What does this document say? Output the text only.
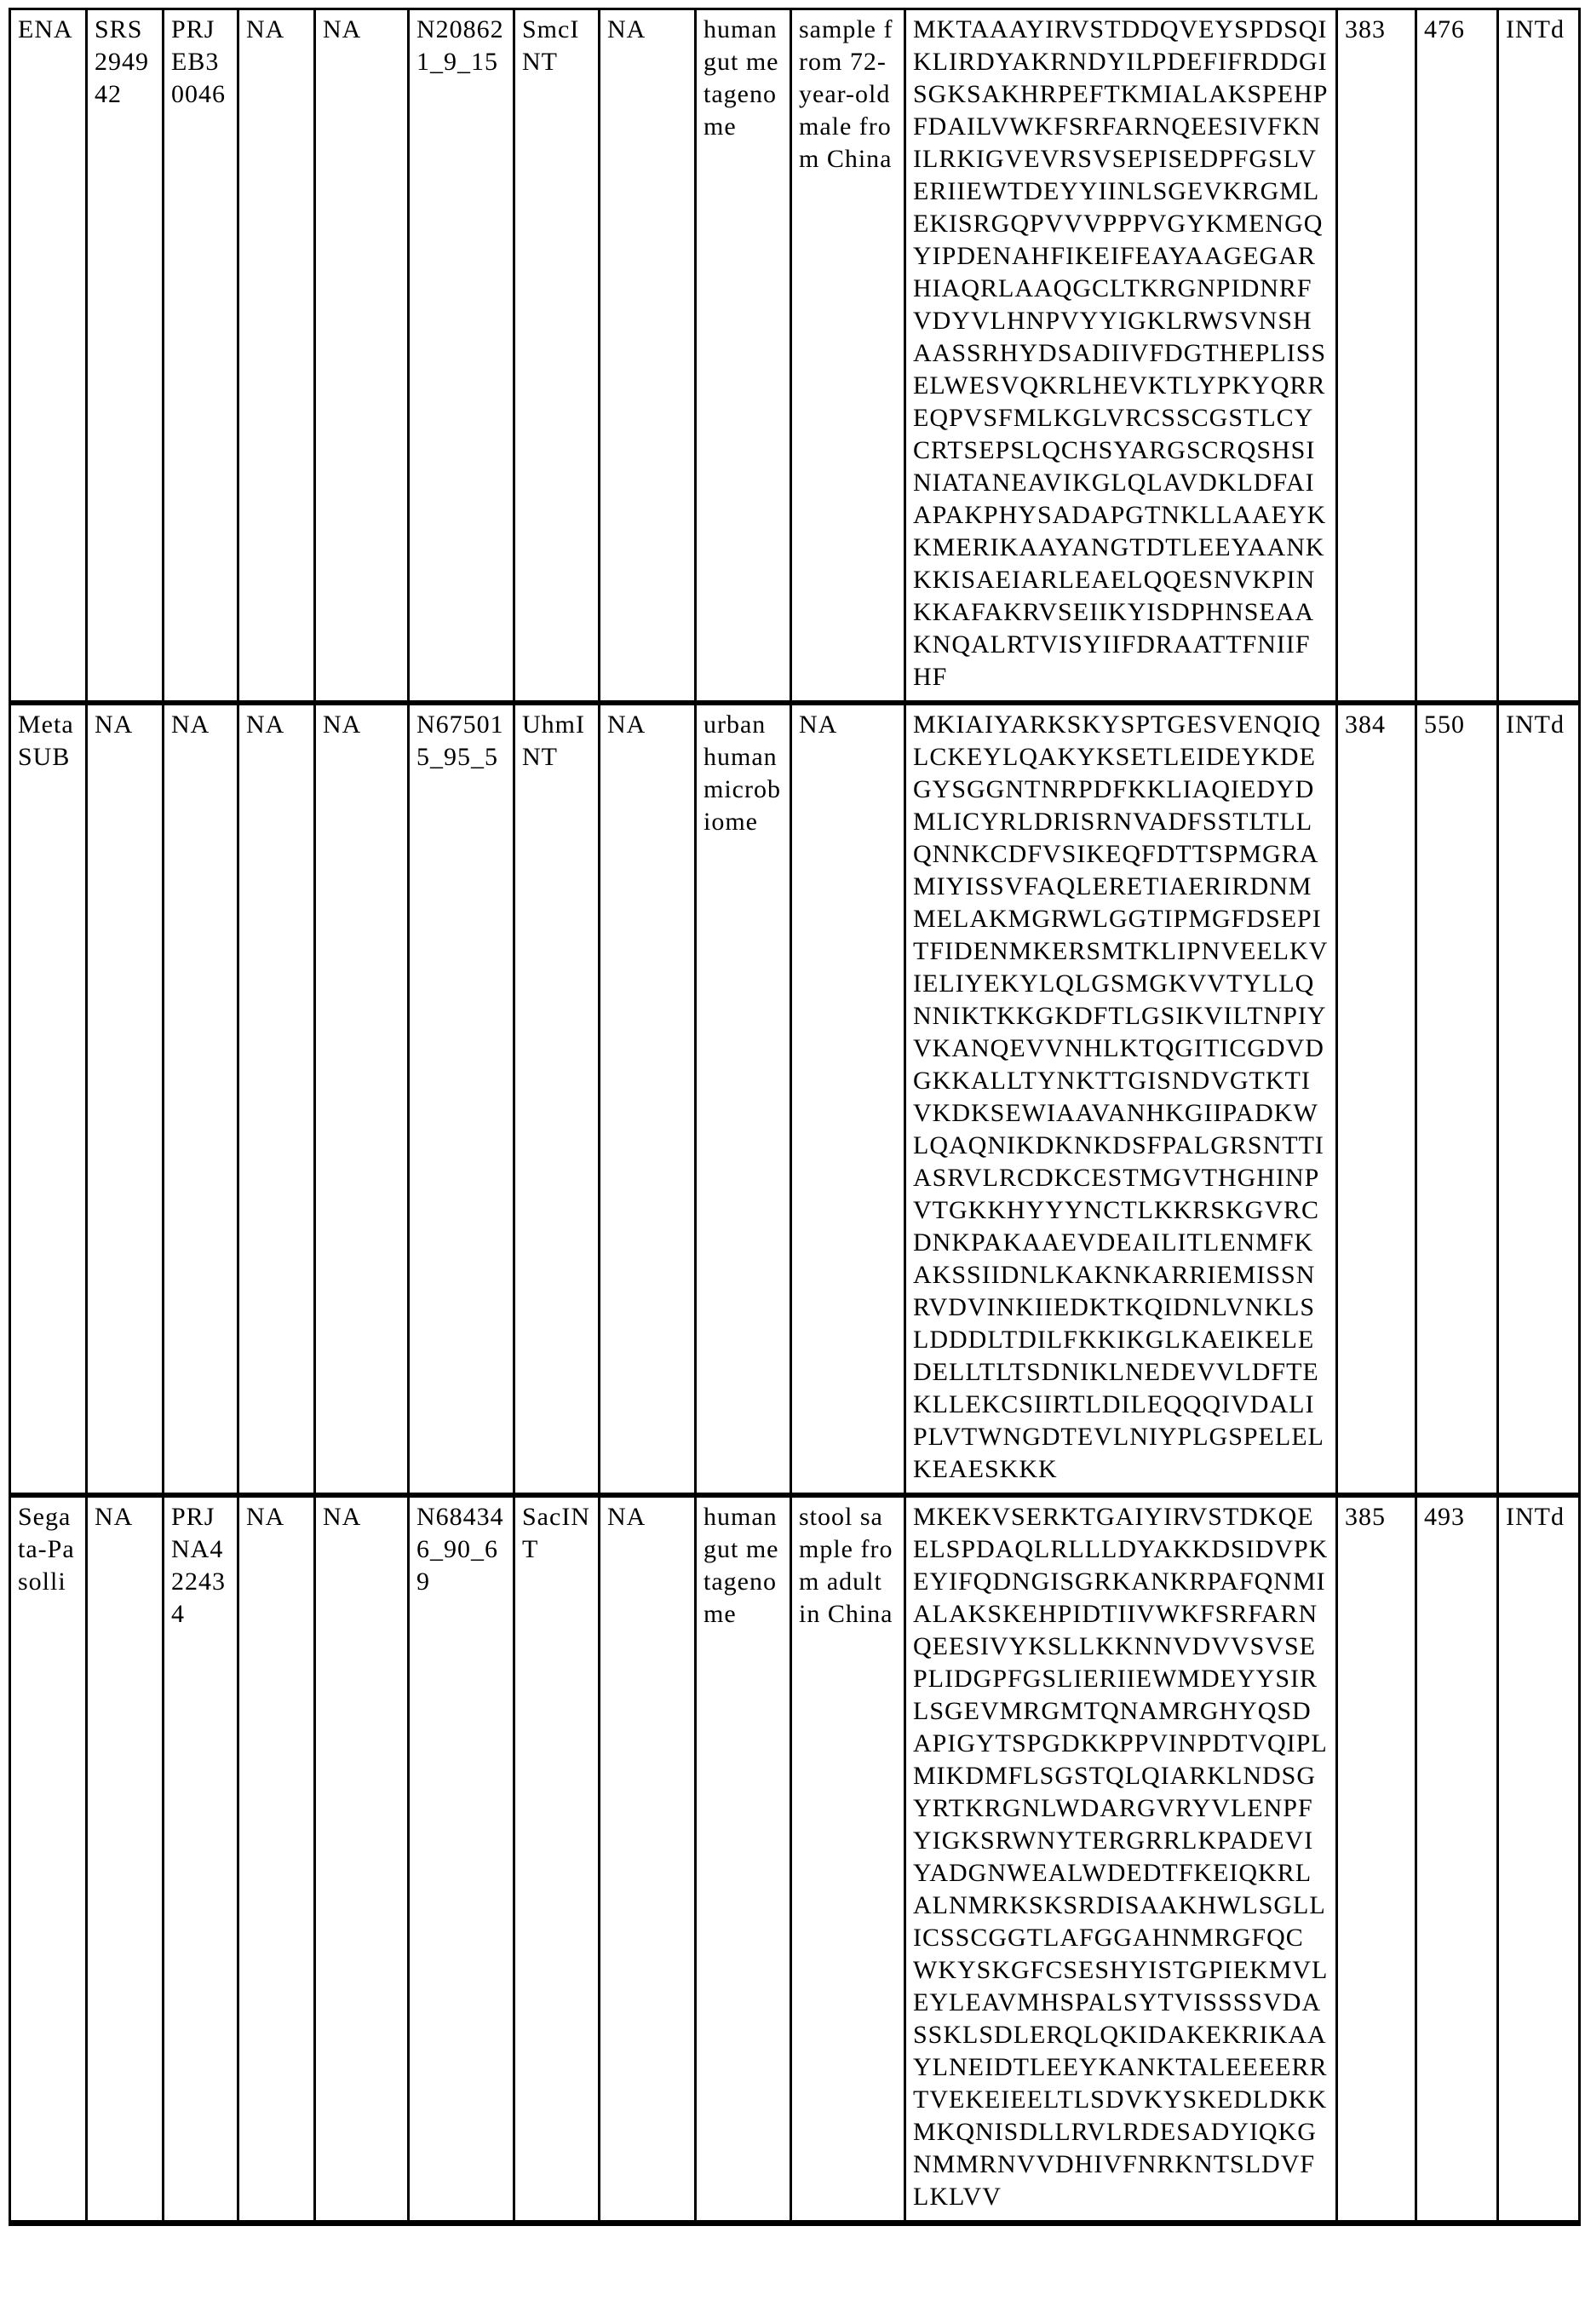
ENA	SRS294942	PRJEB30046	NA	NA	N208621_9_15	SmcINT	NA	human gut metagenome	sample from 72-year-old male from China	MKTAAAYIRVSTDDQVEYSPDSQIKLIRDYAKRNDYILPDEFIFRDDGISGKSAKHRPEFTKMIALAKSPEHPFDAILVWKFSRFARNQEESIVFKNILRKIGVEVRSVSEPISEDPFGSLVERIIEWTDEYYIINLSGEVKRGMLEKISRGQPVVVPPPVGYKMENGQYIPDENAHFIKEIFEAYAAGEGARHIAQRLAAQGCLTKRGNPIDNRFVDYVLHNPVYYIGKLRWSVNSHAASSRHYDSADIIVFDGTHEPLISSELWESVQKRLHEVKTLYPKYQRREQPVSFMLKGLVRCSSCGSTLCYCRTSEPSLQCHSYARGSCRQSHSINIATANEAVIKGLQLAVDKLDFAIAPAKPHYSADAPGTNKLLAAEYKKMERIKAAYANGTDTLEEYAANKKKISAEIARLEAELQQESNVKPINKKAFAKRVSEIIKYISDPHNSEAAKNQALRTVISYIIFDRAATTFNIIFHF	383	476	INTd
MetaSUB	NA	NA	NA	NA	N675015_95_5	UhmINT	NA	urban human microbiome	NA	MKIAIYARKSKYSPTGESVENQIQLCKEYLQAKYKSETLEIDEYKDEGYSGGNTNRPDFKKLIAQIEDYDMLICYRLDRISRNVADFSSTLTLLQNNKCDFVSIKEQFDTTSPMGRAMIYISSVFAQLERETIAERIRDNMMELAKMGRWLGGTIPMGFDSEPITFIDENMKERSMTKLIPNVEELKVIELIYEKYLQLGSMGKVVTYLLQNNIKTKKGKDFTLGSIKVILTNPIYVKANQEVVNHLKTQGITICGDVDGKKALLTYNKTTGISNDVGTKTIVKDKSEWIAAVANHKGIIPADKWLQAQNIKDKNKDSFPALGRSNTTIASRVLRCDKCESTMGVTHGHINPVTGKKHYYYNCTLKKRSKGVRCDNKPAKAAEVDEAILITLENMFKAKSSIIDNLKAKNKARRIEMISSNRVDVINKIIEDKTKQIDNLVNKLSLDDDLTDILFKKIKGLKAEIKELEDELLTLTSDNIKLNEDEVVLDFTEKLLEKCSIIRTLDILEQQQIVDALIPLVTWNGDTEVLNIYPLGSPELELKEAESKKK	384	550	INTd
Segata-Pasolli	NA	PRJNA422434	NA	NA	N684346_90_69	SacINT	NA	human gut metagenome	stool sample from adult in China	MKEKVSERKTGAIYIRVSTDKQEELSPDAQLRLLLDYAKKDSIDVPKEYIFQDNGISGRKANKRPAFQNMIALAKSKEHPIDTIIVWKFSRFARNQEESIVYKSLLKKNNVDVVSVSEPLIDGPFGSLIERIIEWMDEYYSIRLSGEVMRGMTQNAMRGHYQSDAPIGYTSPGDKKPPVINPDTVQIPLMIKDMFLSGSTQLQIARKLNDSGYRTKRGNLWDARGVRYVLENPFYIGKSRWNYTERGRRLKPADEVIYADGNWEALWDEDTFKEIQKRLALNMRKSKSRDISAAKHWLSGLLICSSCGGTLAFGGAHNMRGFQCWKYSKGFCSESHYISTGPIEKMVLEYLEAVMHSPALSYTVISSSSVDASSKLSDLERQLQKIDAKEKRIKAAYLNEIDTLEEYKANKTALEEEERRTVEKEIEELTLSDVKYSKEDLDKKMKQNISDLLRVLRDESADYIQKGNMMRNVVDHIVFNRKNTSLDVFLKLVV	385	493	INTd
